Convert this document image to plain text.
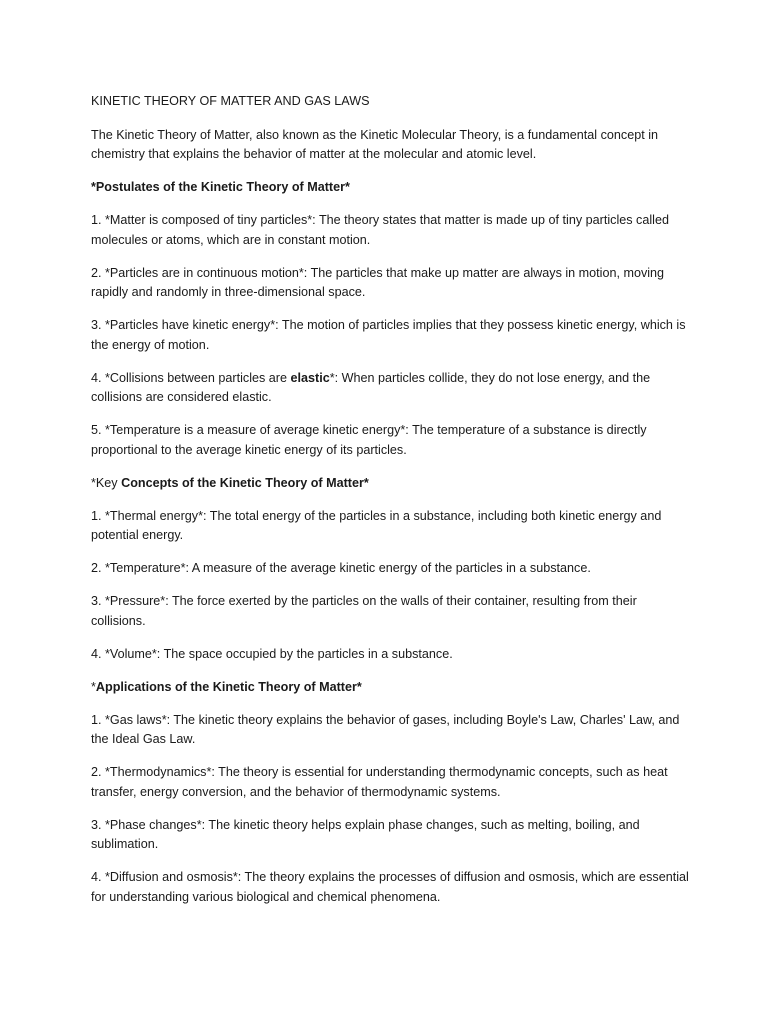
KINETIC THEORY OF MATTER AND GAS LAWS

The Kinetic Theory of Matter, also known as the Kinetic Molecular Theory, is a fundamental concept in chemistry that explains the behavior of matter at the molecular and atomic level.

*Postulates of the Kinetic Theory of Matter*

1. *Matter is composed of tiny particles*: The theory states that matter is made up of tiny particles called molecules or atoms, which are in constant motion.

2. *Particles are in continuous motion*: The particles that make up matter are always in motion, moving rapidly and randomly in three-dimensional space.

3. *Particles have kinetic energy*: The motion of particles implies that they possess kinetic energy, which is the energy of motion.

4. *Collisions between particles are elastic*: When particles collide, they do not lose energy, and the collisions are considered elastic.

5. *Temperature is a measure of average kinetic energy*: The temperature of a substance is directly proportional to the average kinetic energy of its particles.

*Key Concepts of the Kinetic Theory of Matter*

1. *Thermal energy*: The total energy of the particles in a substance, including both kinetic energy and potential energy.

2. *Temperature*: A measure of the average kinetic energy of the particles in a substance.

3. *Pressure*: The force exerted by the particles on the walls of their container, resulting from their collisions.

4. *Volume*: The space occupied by the particles in a substance.

*Applications of the Kinetic Theory of Matter*

1. *Gas laws*: The kinetic theory explains the behavior of gases, including Boyle's Law, Charles' Law, and the Ideal Gas Law.

2. *Thermodynamics*: The theory is essential for understanding thermodynamic concepts, such as heat transfer, energy conversion, and the behavior of thermodynamic systems.

3. *Phase changes*: The kinetic theory helps explain phase changes, such as melting, boiling, and sublimation.

4. *Diffusion and osmosis*: The theory explains the processes of diffusion and osmosis, which are essential for understanding various biological and chemical phenomena.
